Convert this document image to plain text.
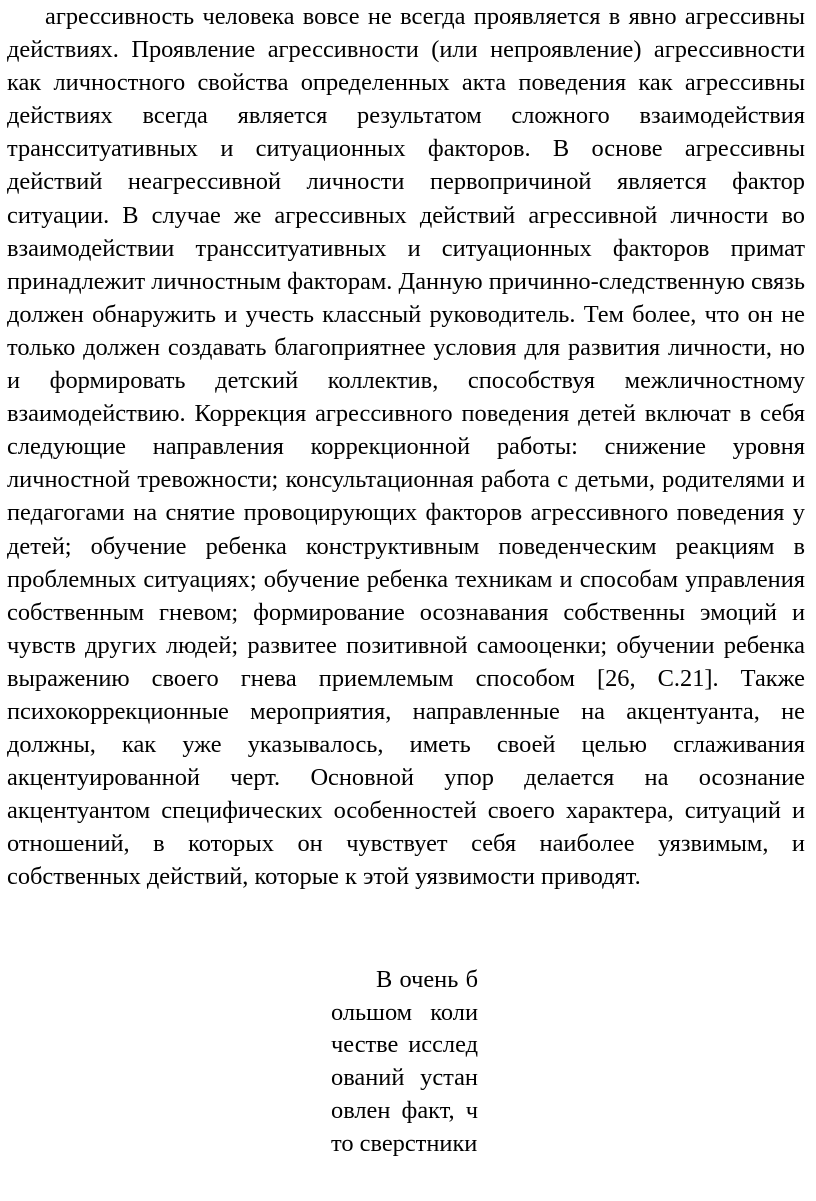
агрессивность человека вовсе не всегда проявляется в явно агрессивны действиях. Проявление агрессивности (или непроявление) агрессивности как личностного свойства определенных акта поведения как агрессивны действиях всегда является результатом сложного взаимодействия трансситуативных и ситуационных факторов. В основе агрессивны действий неагрессивной личности первопричиной является фактор ситуации. В случае же агрессивных действий агрессивной личности во взаимодействии трансситуативных и ситуационных факторов примат принадлежит личностным факторам. Данную причинно-следственную связь должен обнаружить и учесть классный руководитель. Тем более, что он не только должен создавать благоприятнее условия для развития личности, но и формировать детский коллектив, способствуя межличностному взаимодействию. Коррекция агрессивного поведения детей включат в себя следующие направления коррекционной работы: снижение уровня личностной тревожности; консультационная работа с детьми, родителями и педагогами на снятие провоцирующих факторов агрессивного поведения у детей; обучение ребенка конструктивным поведенческим реакциям в проблемных ситуациях; обучение ребенка техникам и способам управления собственным гневом; формирование осознавания собственны эмоций и чувств других людей; развитее позитивной самооценки; обучении ребенка выражению своего гнева приемлемым способом [26, С.21]. Также психокоррекционные мероприятия, направленные на акцентуанта, не должны, как уже указывалось, иметь своей целью сглаживания акцентуированной черт. Основной упор делается на осознание акцентуантом специфических особенностей своего характера, ситуаций и отношений, в которых он чувствует себя наиболее уязвимым, и собственных действий, которые к этой уязвимости приводят.

В очень большом количестве исследований установлен факт, что сверстники
